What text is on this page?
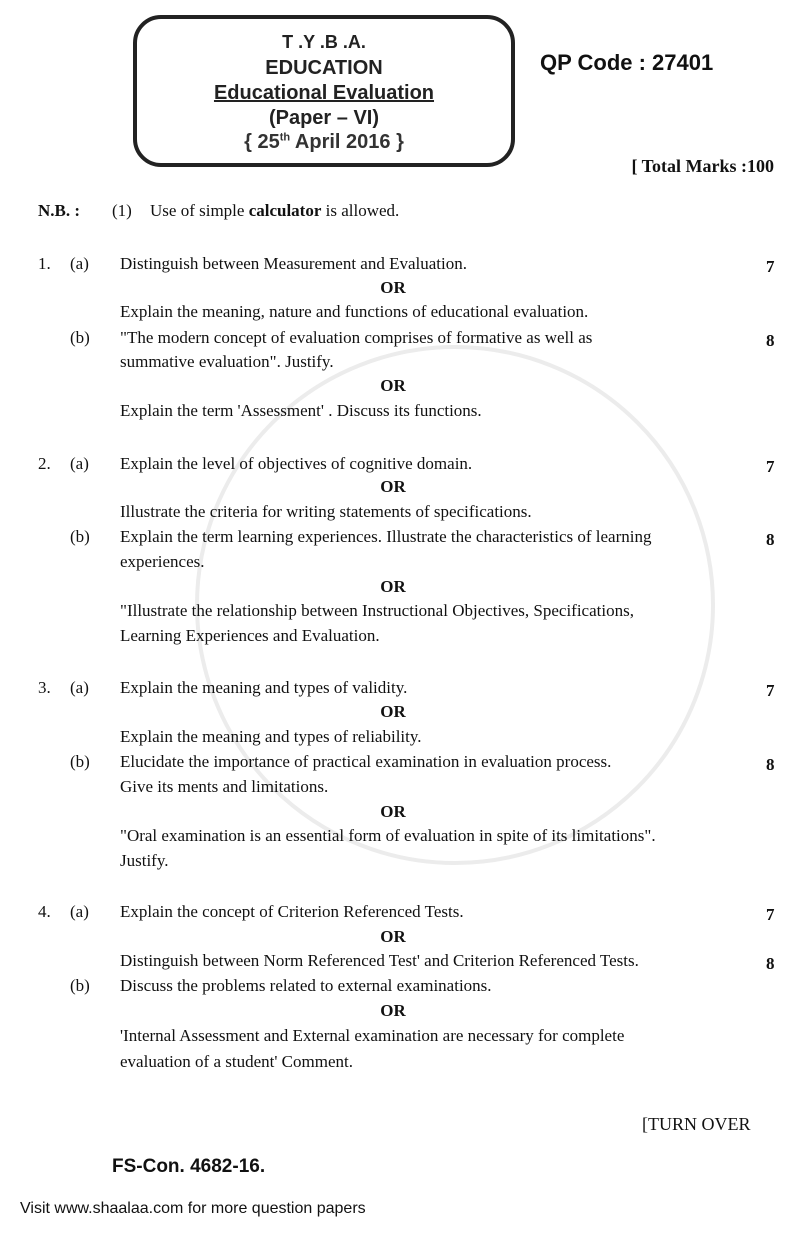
T .Y .B .A.
EDUCATION
Educational Evaluation
(Paper – VI)
{ 25th April 2016 }
QP Code : 27401
[ Total Marks :100
N.B. : (1) Use of simple calculator is allowed.
1. (a) Distinguish between Measurement and Evaluation.	7
OR
Explain the meaning, nature and functions of educational evaluation.
(b) "The modern concept of evaluation comprises of formative as well as	8
summative evaluation". Justify.
OR
Explain the term 'Assessment' . Discuss its functions.
2. (a) Explain the level of objectives of cognitive domain.	7
OR
Illustrate the criteria for writing statements of specifications.
(b) Explain the term learning experiences. Illustrate the characteristics of learning	8
experiences.
OR
"Illustrate the relationship between Instructional Objectives, Specifications,
Learning Experiences and Evaluation.
3. (a) Explain the meaning and types of validity.	7
OR
Explain the meaning and types of reliability.
(b) Elucidate the importance of practical examination in evaluation process.	8
Give its ments and limitations.
OR
"Oral examination is an essential form of evaluation in spite of its limitations".
Justify.
4. (a) Explain the concept of Criterion Referenced Tests.	7
OR
Distinguish between Norm Referenced Test' and Criterion Referenced Tests.	8
(b) Discuss the problems related to external examinations.
OR
'Internal Assessment and External examination are necessary for complete
evaluation of a student' Comment.
[TURN OVER
FS-Con. 4682-16.
Visit www.shaalaa.com for more question papers
